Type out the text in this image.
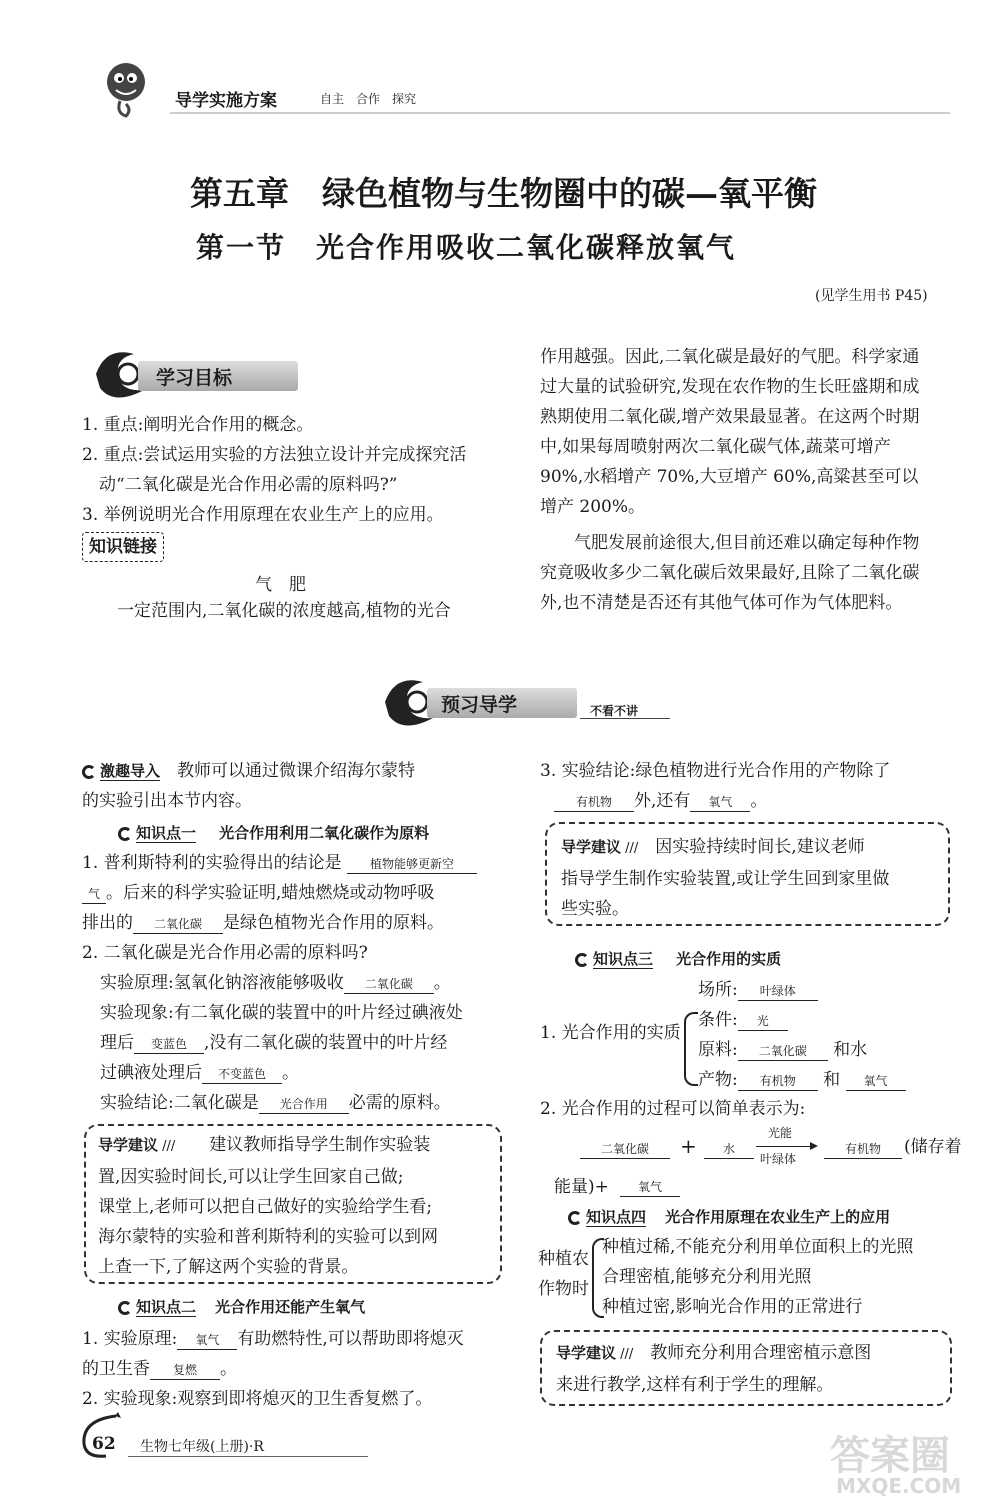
导学实施方案	自主　合作　探究
第五章　绿色植物与生物圈中的碳—氧平衡
第一节　光合作用吸收二氧化碳释放氧气
(见学生用书 P45)
学习目标
1. 重点:阐明光合作用的概念。
2. 重点:尝试运用实验的方法独立设计并完成探究活
　动“二氧化碳是光合作用必需的原料吗?”
3. 举例说明光合作用原理在农业生产上的应用。
知识链接
气　肥
　一定范围内,二氧化碳的浓度越高,植物的光合
作用越强。因此,二氧化碳是最好的气肥。科学家通
过大量的试验研究,发现在农作物的生长旺盛期和成
熟期使用二氧化碳,增产效果最显著。在这两个时期
中,如果每周喷射两次二氧化碳气体,蔬菜可增产
90%,水稻增产 70%,大豆增产 60%,高粱甚至可以
增产 200%。
　　气肥发展前途很大,但目前还难以确定每种作物
究竟吸收多少二氧化碳后效果最好,且除了二氧化碳
外,也不清楚是否还有其他气体可作为气体肥料。
预习导学	不看不讲
激趣导入　教师可以通过微课介绍海尔蒙特
的实验引出本节内容。
知识点一 光合作用利用二氧化碳作为原料
1. 普利斯特利的实验得出的结论是 植物能够更新空
气 。后来的科学实验证明,蜡烛燃烧或动物呼吸
排出的 二氧化碳 是绿色植物光合作用的原料。
2. 二氧化碳是光合作用必需的原料吗?
实验原理:氢氧化钠溶液能够吸收 二氧化碳 。
实验现象:有二氧化碳的装置中的叶片经过碘液处
理后 变蓝色 ,没有二氧化碳的装置中的叶片经
过碘液处理后 不变蓝色 。
实验结论:二氧化碳是 光合作用 必需的原料。
导学建议 ///　　建议教师指导学生制作实验装
置,因实验时间长,可以让学生回家自己做;
课堂上,老师可以把自己做好的实验给学生看;
海尔蒙特的实验和普利斯特利的实验可以到网
上查一下,了解这两个实验的背景。
知识点二 光合作用还能产生氧气
1. 实验原理: 氧气 有助燃特性,可以帮助即将熄灭
的卫生香 复燃 。
2. 实验现象:观察到即将熄灭的卫生香复燃了。
3. 实验结论:绿色植物进行光合作用的产物除了
有机物 外,还有 氧气 。
导学建议 ///　因实验持续时间长,建议老师
指导学生制作实验装置,或让学生回到家里做
些实验。
知识点三 光合作用的实质
1. 光合作用的实质
场所: 叶绿体
条件: 光
原料: 二氧化碳 和水
产物: 有机物 和 氧气
2. 光合作用的过程可以简单表示为:
二氧化碳	+	水
光能
叶绿体
有机物	(储存着
能量)+	氧气
知识点四 光合作用原理在农业生产上的应用
种植农
作物时
种植过稀,不能充分利用单位面积上的光照
合理密植,能够充分利用光照
种植过密,影响光合作用的正常进行
导学建议 ///　教师充分利用合理密植示意图
来进行教学,这样有利于学生的理解。
62 生物七年级(上册)·R	答案圈
MXQE.COM
